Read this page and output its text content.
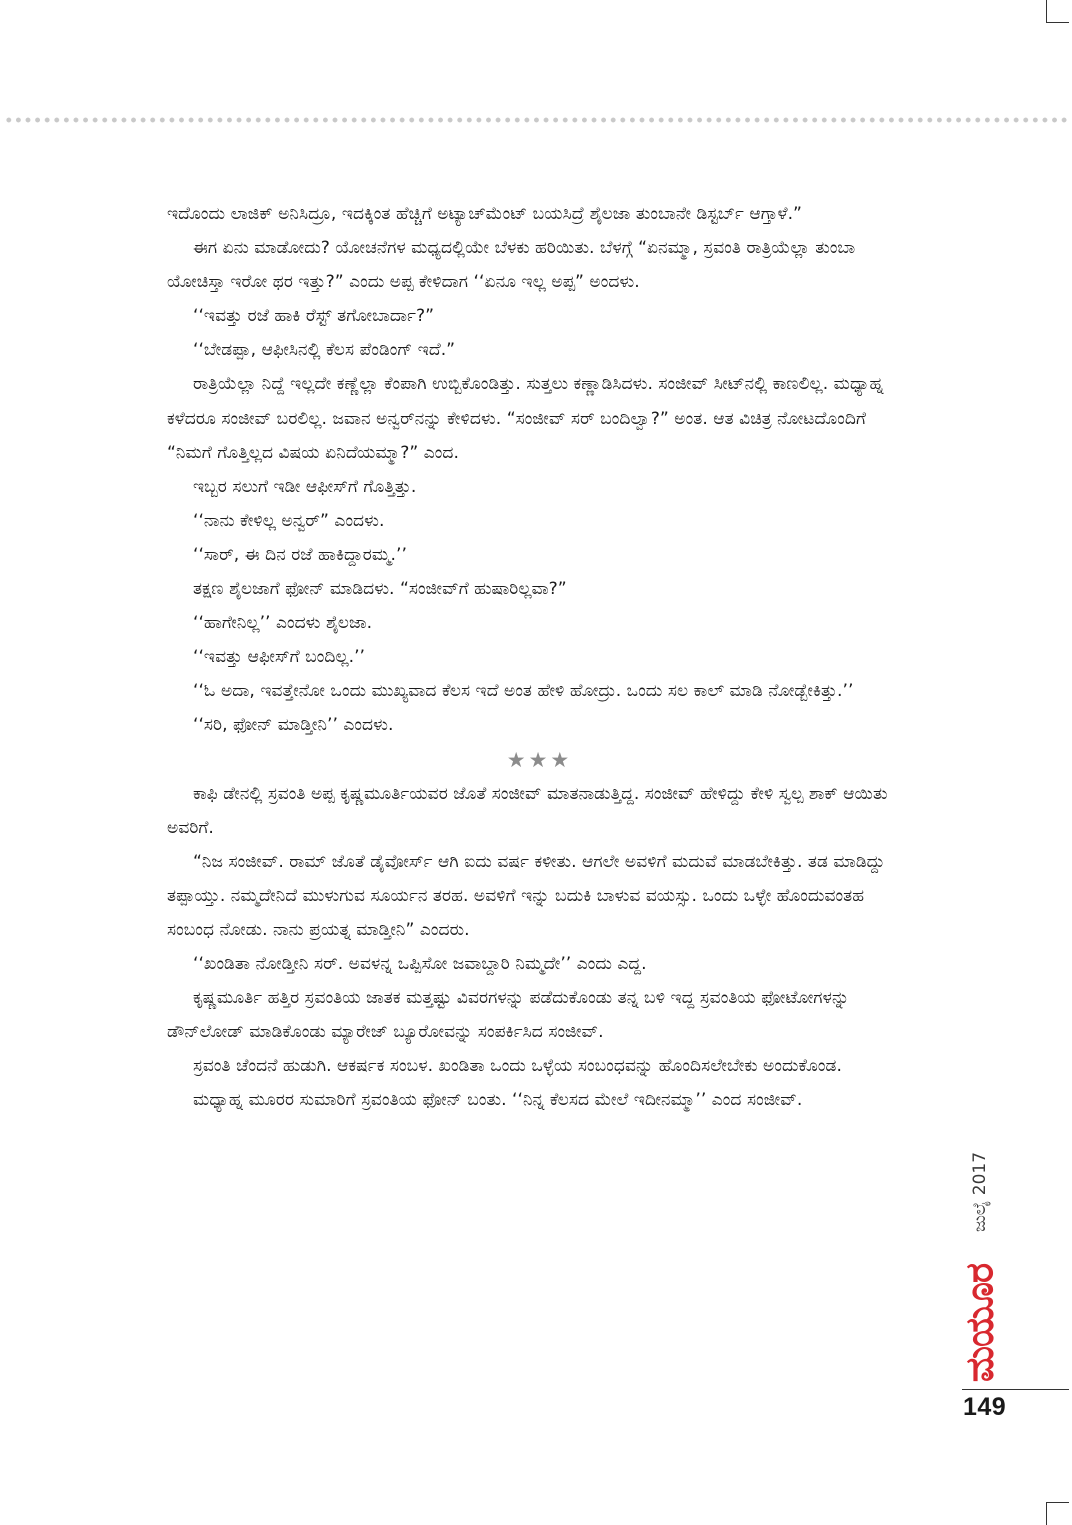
ಇದೊಂದು ಲಾಜಿಕ್ ಅನಿಸಿದ್ರೂ, ಇದಕ್ಕಿಂತ ಹೆಚ್ಚಿಗೆ ಅಟ್ಯಾಚ್‌ಮೆಂಟ್ ಬಯಸಿದ್ರೆ ಶೈಲಜಾ ತುಂಬಾನೇ ಡಿಸ್ಟರ್ಬ್ ಆಗ್ತಾಳೆ.”

ಈಗ ಏನು ಮಾಡೋದು? ಯೋಚನೆಗಳ ಮಧ್ಯದಲ್ಲಿಯೇ ಬೆಳಕು ಹರಿಯಿತು. ಬೆಳಗ್ಗೆ “ಏನಮ್ಮಾ, ಸ್ರವಂತಿ ರಾತ್ರಿಯೆಲ್ಲಾ ತುಂಬಾ ಯೋಚಿಸ್ತಾ ಇರೋ ಥರ ಇತ್ತು?” ಎಂದು ಅಪ್ಪ ಕೇಳಿದಾಗ ‘‘ಏನೂ ಇಲ್ಲ ಅಪ್ಪ” ಅಂದಳು.

‘‘ಇವತ್ತು ರಜೆ ಹಾಕಿ ರೆಸ್ಟ್ ತಗೋಬಾರ್ದಾ?”

‘‘ಬೇಡಪ್ಪಾ, ಆಫೀಸಿನಲ್ಲಿ ಕೆಲಸ ಪೆಂಡಿಂಗ್ ಇದೆ.”

ರಾತ್ರಿಯೆಲ್ಲಾ ನಿದ್ದೆ ಇಲ್ಲದೇ ಕಣ್ಣೆಲ್ಲಾ ಕೆಂಪಾಗಿ ಉಬ್ಬಿಕೊಂಡಿತ್ತು. ಸುತ್ತಲು ಕಣ್ಣಾಡಿಸಿದಳು. ಸಂಜೀವ್ ಸೀಟ್‌ನಲ್ಲಿ ಕಾಣಲಿಲ್ಲ. ಮಧ್ಯಾಹ್ನ ಕಳೆದರೂ ಸಂಜೀವ್ ಬರಲಿಲ್ಲ. ಜವಾನ ಅನ್ವರ್‌ನನ್ನು ಕೇಳಿದಳು. “ಸಂಜೀವ್ ಸರ್ ಬಂದಿಲ್ವಾ?” ಅಂತ. ಆತ ವಿಚಿತ್ರ ನೋಟದೊಂದಿಗೆ “ನಿಮಗೆ ಗೊತ್ತಿಲ್ಲದ ವಿಷಯ ಏನಿದೆಯಮ್ಮಾ?” ಎಂದ.

ಇಬ್ಬರ ಸಲುಗೆ ಇಡೀ ಆಫೀಸ್‌ಗೆ ಗೊತ್ತಿತ್ತು.

‘‘ನಾನು ಕೇಳಿಲ್ಲ ಅನ್ವರ್” ಎಂದಳು.

‘‘ಸಾರ್, ಈ ದಿನ ರಜೆ ಹಾಕಿದ್ದಾರಮ್ಮ.’’

ತಕ್ಷಣ ಶೈಲಜಾಗೆ ಫೋನ್ ಮಾಡಿದಳು. “ಸಂಜೀವ್‌ಗೆ ಹುಷಾರಿಲ್ಲವಾ?”

‘‘ಹಾಗೇನಿಲ್ಲ’’ ಎಂದಳು ಶೈಲಜಾ.

‘‘ಇವತ್ತು ಆಫೀಸ್‌ಗೆ ಬಂದಿಲ್ಲ.’’

‘‘ಓ ಅದಾ, ಇವತ್ತೇನೋ ಒಂದು ಮುಖ್ಯವಾದ ಕೆಲಸ ಇದೆ ಅಂತ ಹೇಳಿ ಹೋದ್ರು. ಒಂದು ಸಲ ಕಾಲ್ ಮಾಡಿ ನೋಡ್ಬೇಕಿತ್ತು.’’

‘‘ಸರಿ, ಫೋನ್ ಮಾಡ್ತೀನಿ’’ ಎಂದಳು.

★★★

ಕಾಫಿ ಡೇನಲ್ಲಿ ಸ್ರವಂತಿ ಅಪ್ಪ ಕೃಷ್ಣಮೂರ್ತಿಯವರ ಜೊತೆ ಸಂಜೀವ್ ಮಾತನಾಡುತ್ತಿದ್ದ. ಸಂಜೀವ್ ಹೇಳಿದ್ದು ಕೇಳಿ ಸ್ವಲ್ಪ ಶಾಕ್ ಆಯಿತು ಅವರಿಗೆ.

“ನಿಜ ಸಂಜೀವ್. ರಾಮ್ ಜೊತೆ ಡೈವೋರ್ಸ್ ಆಗಿ ಐದು ವರ್ಷ ಕಳೀತು. ಆಗಲೇ ಅವಳಿಗೆ ಮದುವೆ ಮಾಡಬೇಕಿತ್ತು. ತಡ ಮಾಡಿದ್ದು ತಪ್ಪಾಯ್ತು. ನಮ್ಮದೇನಿದೆ ಮುಳುಗುವ ಸೂರ್ಯನ ತರಹ. ಅವಳಿಗೆ ಇನ್ನು ಬದುಕಿ ಬಾಳುವ ವಯಸ್ಸು. ಒಂದು ಒಳ್ಳೇ ಹೊಂದುವಂತಹ ಸಂಬಂಧ ನೋಡು. ನಾನು ಪ್ರಯತ್ನ ಮಾಡ್ತೀನಿ” ಎಂದರು.

‘‘ಖಂಡಿತಾ ನೋಡ್ತೀನಿ ಸರ್. ಅವಳನ್ನ ಒಪ್ಪಿಸೋ ಜವಾಬ್ದಾರಿ ನಿಮ್ಮದೇ’’ ಎಂದು ಎದ್ದ.

ಕೃಷ್ಣಮೂರ್ತಿ ಹತ್ತಿರ ಸ್ರವಂತಿಯ ಜಾತಕ ಮತ್ತಷ್ಟು ವಿವರಗಳನ್ನು ಪಡೆದುಕೊಂಡು ತನ್ನ ಬಳಿ ಇದ್ದ ಸ್ರವಂತಿಯ ಫೋಟೋಗಳನ್ನು ಡೌನ್‌ಲೋಡ್ ಮಾಡಿಕೊಂಡು ಮ್ಯಾರೇಜ್ ಬ್ಯೂರೋವನ್ನು ಸಂಪರ್ಕಿಸಿದ ಸಂಜೀವ್.

ಸ್ರವಂತಿ ಚೆಂದನೆ ಹುಡುಗಿ. ಆಕರ್ಷಕ ಸಂಬಳ. ಖಂಡಿತಾ ಒಂದು ಒಳ್ಳೆಯ ಸಂಬಂಧವನ್ನು ಹೊಂದಿಸಲೇಬೇಕು ಅಂದುಕೊಂಡ.

ಮಧ್ಯಾಹ್ನ ಮೂರರ ಸುಮಾರಿಗೆ ಸ್ರವಂತಿಯ ಫೋನ್ ಬಂತು. ‘‘ನಿನ್ನ ಕೆಲಸದ ಮೇಲೆ ಇದೀನಮ್ಮಾ’’ ಎಂದ ಸಂಜೀವ್.

ಜುಲೈ 2017
ಮಯೂರ
149
